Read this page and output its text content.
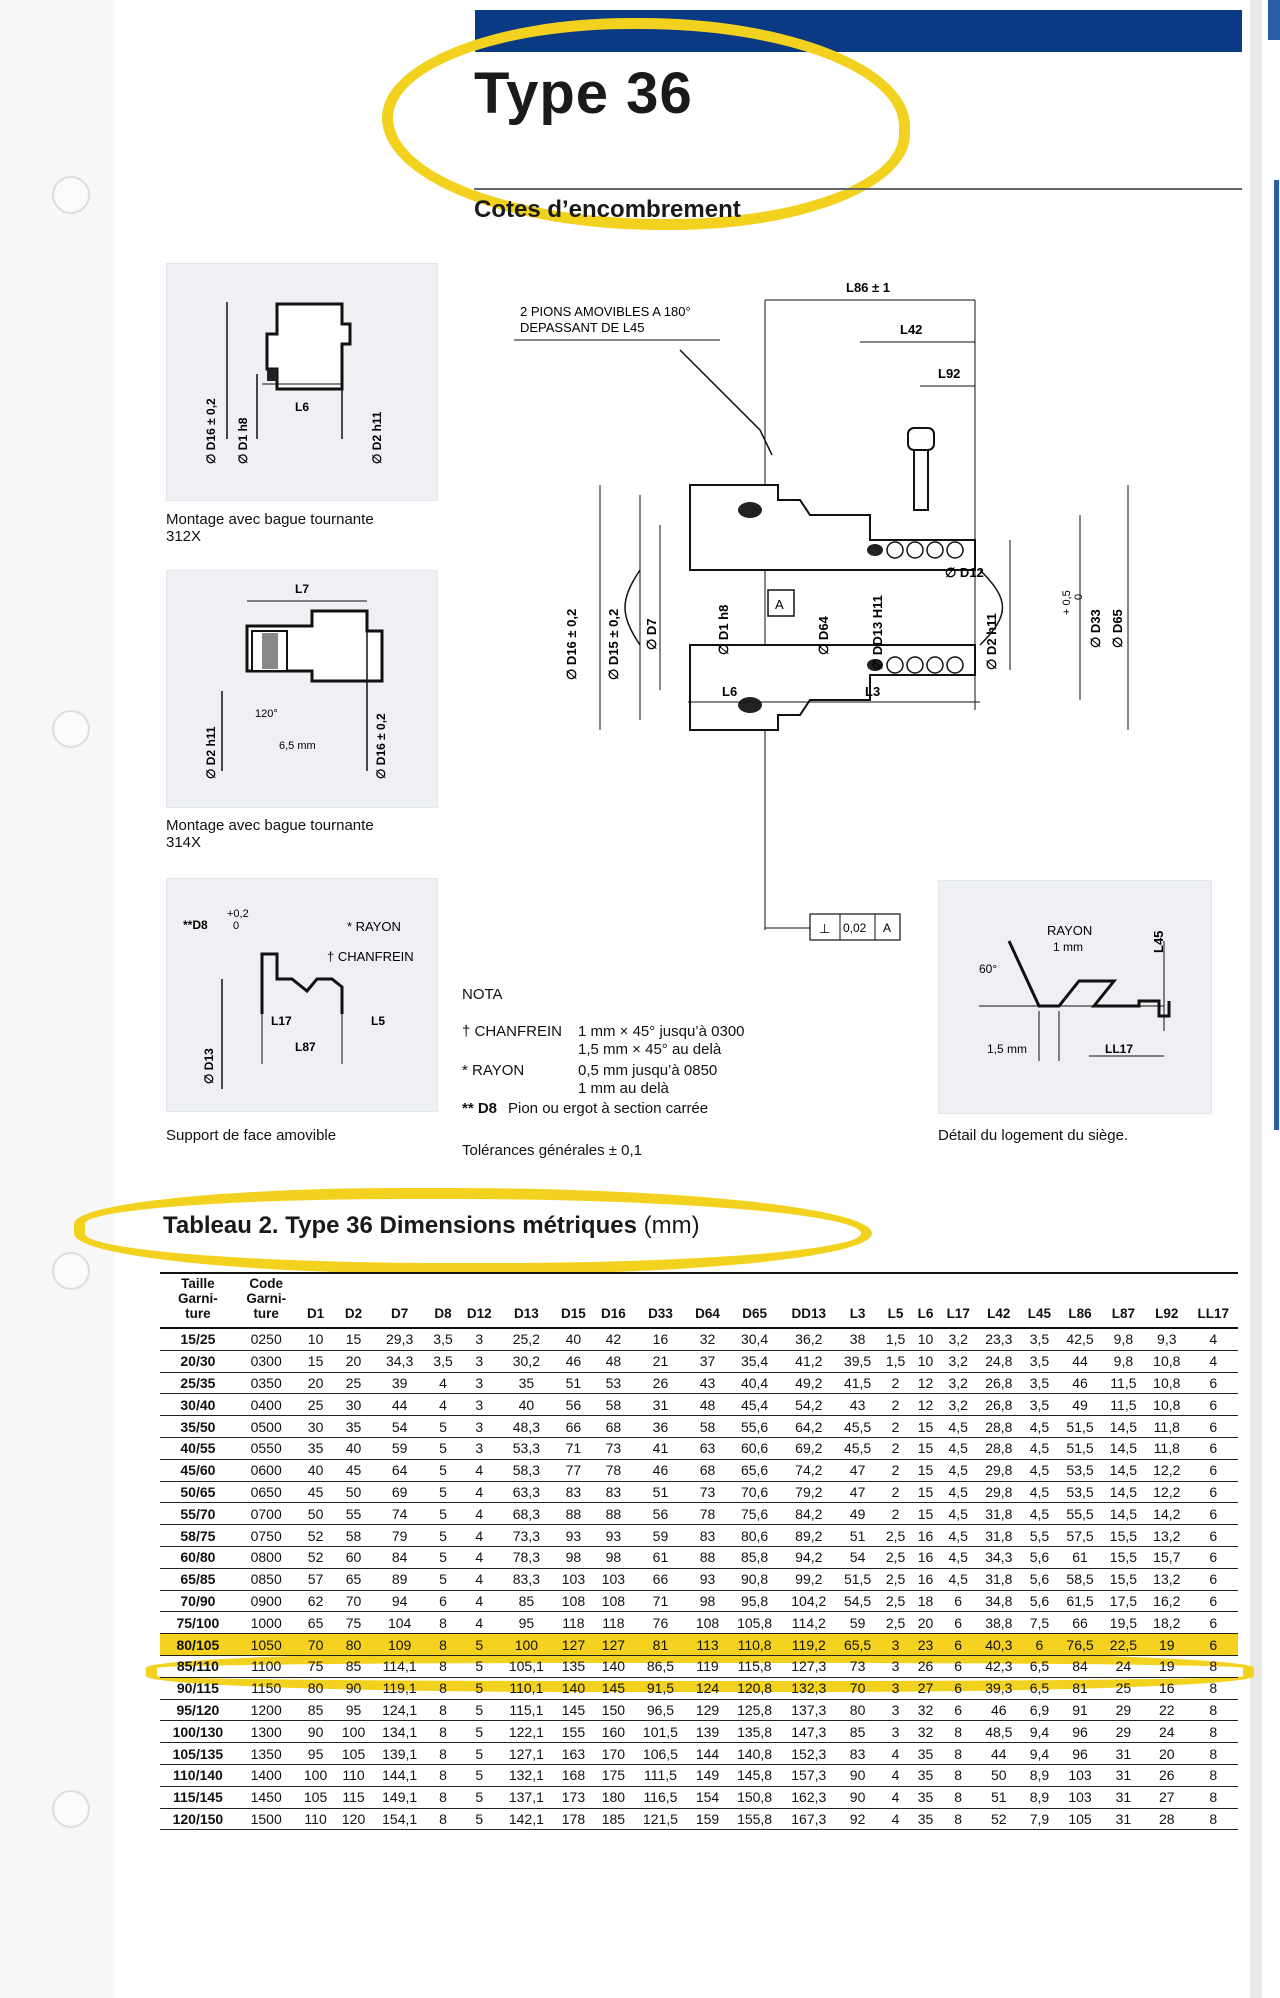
Type 36
Cotes d’encombrement
L6
∅ D16 ± 0,2 ∅ D1 h8	∅ D2 h11
Montage avec bague tournante
312X
L7
120°
6,5 mm
∅ D2 h11	∅ D16 ± 0,2
Montage avec bague tournante
314X
**D8
+0,2
0	* RAYON
† CHANFREIN
L17	L5
L87
∅ D13
Support de face amovible
2 PIONS AMOVIBLES A 180°
DEPASSANT DE L45
L86 ± 1
L42
L92
A
∅ D12
∅ D16 ± 0,2 ∅ D15 ± 0,2 ∅ D7	∅ D1 h8	∅ D64	∅ DD13 H11	∅ D2 h11
+ 0,5 0
∅ D33 ∅ D65
L6	L3
⊥ 0,02 A	RAYON
1 mm
60°
L45
1,5 mm	LL17
Détail du logement du siège.
NOTA
† CHANFREIN 1 mm × 45° jusqu’à 0300
1,5 mm × 45° au delà
* RAYON	0,5 mm jusqu’à 0850
1 mm au delà
** D8 Pion ou ergot à section carrée
Tolérances générales ± 0,1
Tableau 2. Type 36 Dimensions métriques (mm)
Taille
Garni-
ture	Code
Garni-
ture	D1	D2	D7	D8	D12	D13	D15	D16	D33	D64	D65	DD13	L3	L5	L6	L17	L42	L45	L86	L87	L92	LL17
15/25	0250	10	15	29,3	3,5	3	25,2	40	42	16	32	30,4	36,2	38	1,5	10	3,2	23,3	3,5	42,5	9,8	9,3	4
20/30	0300	15	20	34,3	3,5	3	30,2	46	48	21	37	35,4	41,2	39,5	1,5	10	3,2	24,8	3,5	44	9,8	10,8	4
25/35	0350	20	25	39	4	3	35	51	53	26	43	40,4	49,2	41,5	2	12	3,2	26,8	3,5	46	11,5	10,8	6
30/40	0400	25	30	44	4	3	40	56	58	31	48	45,4	54,2	43	2	12	3,2	26,8	3,5	49	11,5	10,8	6
35/50	0500	30	35	54	5	3	48,3	66	68	36	58	55,6	64,2	45,5	2	15	4,5	28,8	4,5	51,5	14,5	11,8	6
40/55	0550	35	40	59	5	3	53,3	71	73	41	63	60,6	69,2	45,5	2	15	4,5	28,8	4,5	51,5	14,5	11,8	6
45/60	0600	40	45	64	5	4	58,3	77	78	46	68	65,6	74,2	47	2	15	4,5	29,8	4,5	53,5	14,5	12,2	6
50/65	0650	45	50	69	5	4	63,3	83	83	51	73	70,6	79,2	47	2	15	4,5	29,8	4,5	53,5	14,5	12,2	6
55/70	0700	50	55	74	5	4	68,3	88	88	56	78	75,6	84,2	49	2	15	4,5	31,8	4,5	55,5	14,5	14,2	6
58/75	0750	52	58	79	5	4	73,3	93	93	59	83	80,6	89,2	51	2,5	16	4,5	31,8	5,5	57,5	15,5	13,2	6
60/80	0800	52	60	84	5	4	78,3	98	98	61	88	85,8	94,2	54	2,5	16	4,5	34,3	5,6	61	15,5	15,7	6
65/85	0850	57	65	89	5	4	83,3	103	103	66	93	90,8	99,2	51,5	2,5	16	4,5	31,8	5,6	58,5	15,5	13,2	6
70/90	0900	62	70	94	6	4	85	108	108	71	98	95,8	104,2	54,5	2,5	18	6	34,8	5,6	61,5	17,5	16,2	6
75/100	1000	65	75	104	8	4	95	118	118	76	108	105,8	114,2	59	2,5	20	6	38,8	7,5	66	19,5	18,2	6
80/105	1050	70	80	109	8	5	100	127	127	81	113	110,8	119,2	65,5	3	23	6	40,3	6	76,5	22,5	19	6
85/110	1100	75	85	114,1	8	5	105,1	135	140	86,5	119	115,8	127,3	73	3	26	6	42,3	6,5	84	24	19	8
90/115	1150	80	90	119,1	8	5	110,1	140	145	91,5	124	120,8	132,3	70	3	27	6	39,3	6,5	81	25	16	8
95/120	1200	85	95	124,1	8	5	115,1	145	150	96,5	129	125,8	137,3	80	3	32	6	46	6,9	91	29	22	8
100/130	1300	90	100	134,1	8	5	122,1	155	160	101,5	139	135,8	147,3	85	3	32	8	48,5	9,4	96	29	24	8
105/135	1350	95	105	139,1	8	5	127,1	163	170	106,5	144	140,8	152,3	83	4	35	8	44	9,4	96	31	20	8
110/140	1400	100	110	144,1	8	5	132,1	168	175	111,5	149	145,8	157,3	90	4	35	8	50	8,9	103	31	26	8
115/145	1450	105	115	149,1	8	5	137,1	173	180	116,5	154	150,8	162,3	90	4	35	8	51	8,9	103	31	27	8
120/150	1500	110	120	154,1	8	5	142,1	178	185	121,5	159	155,8	167,3	92	4	35	8	52	7,9	105	31	28	8
